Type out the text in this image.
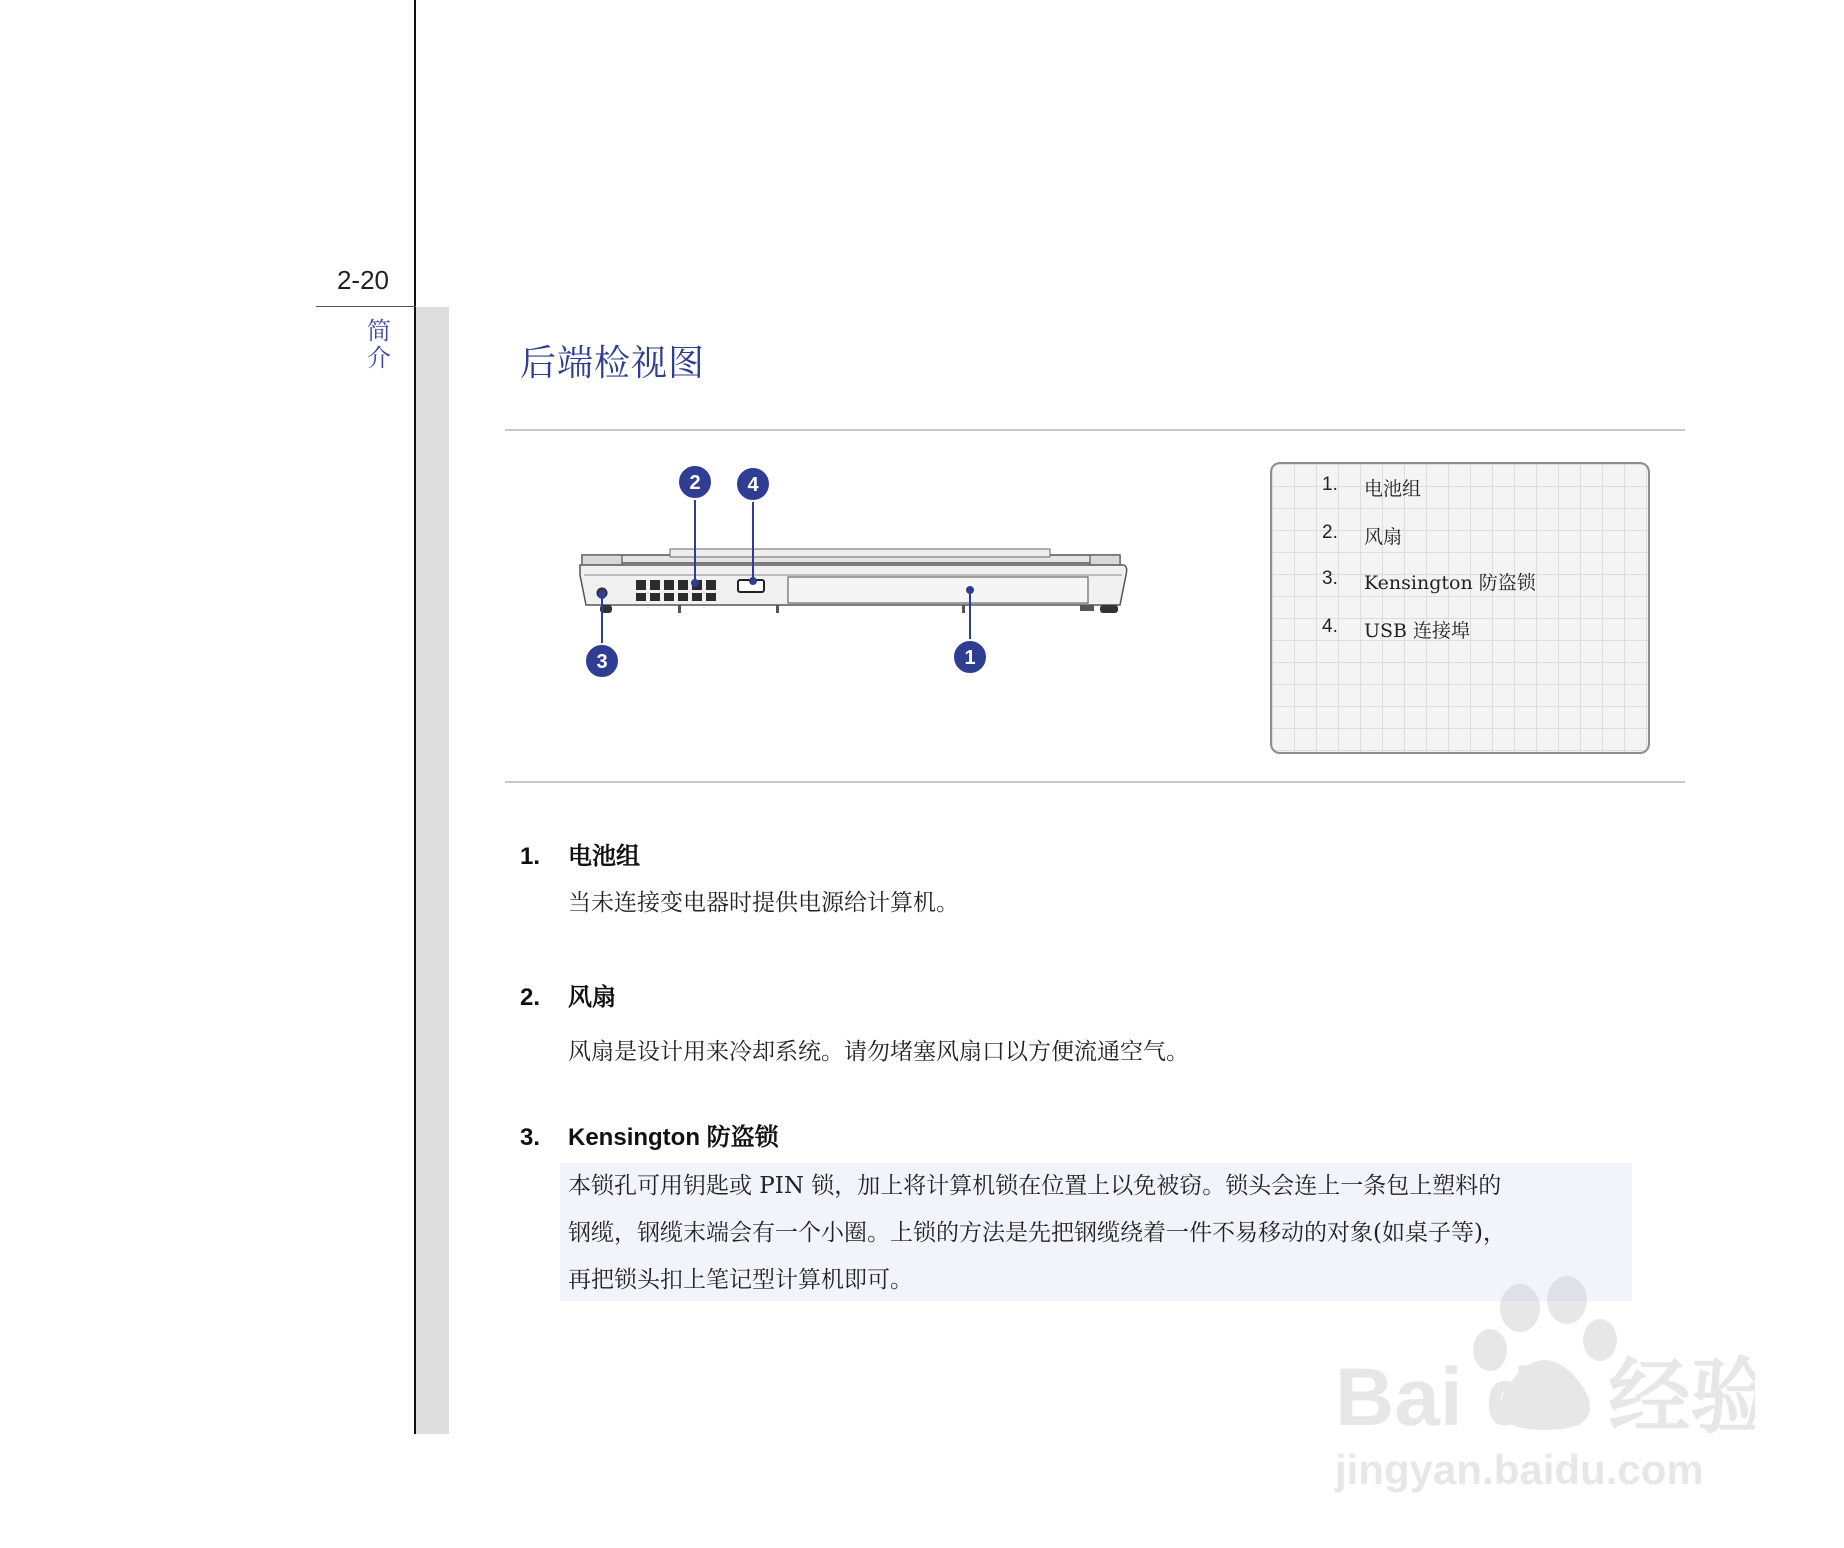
2-20
简
介	后端检视图
2 4
3	1
1.	电池组
2.	风扇
3.	Kensington 防盗锁
4.	USB 连接埠
1.	电池组
当未连接变电器时提供电源给计算机。
2.	风扇
风扇是设计用来冷却系统。请勿堵塞风扇口以方便流通空气。
3.	Kensington 防盗锁
本锁孔可用钥匙或 PIN 锁，加上将计算机锁在位置上以免被窃。锁头会连上一条包上塑料的
钢缆，钢缆末端会有一个小圈。上锁的方法是先把钢缆绕着一件不易移动的对象(如桌子等)，
再把锁头扣上笔记型计算机即可。
Bai du 经验
jingyan.baidu.com
